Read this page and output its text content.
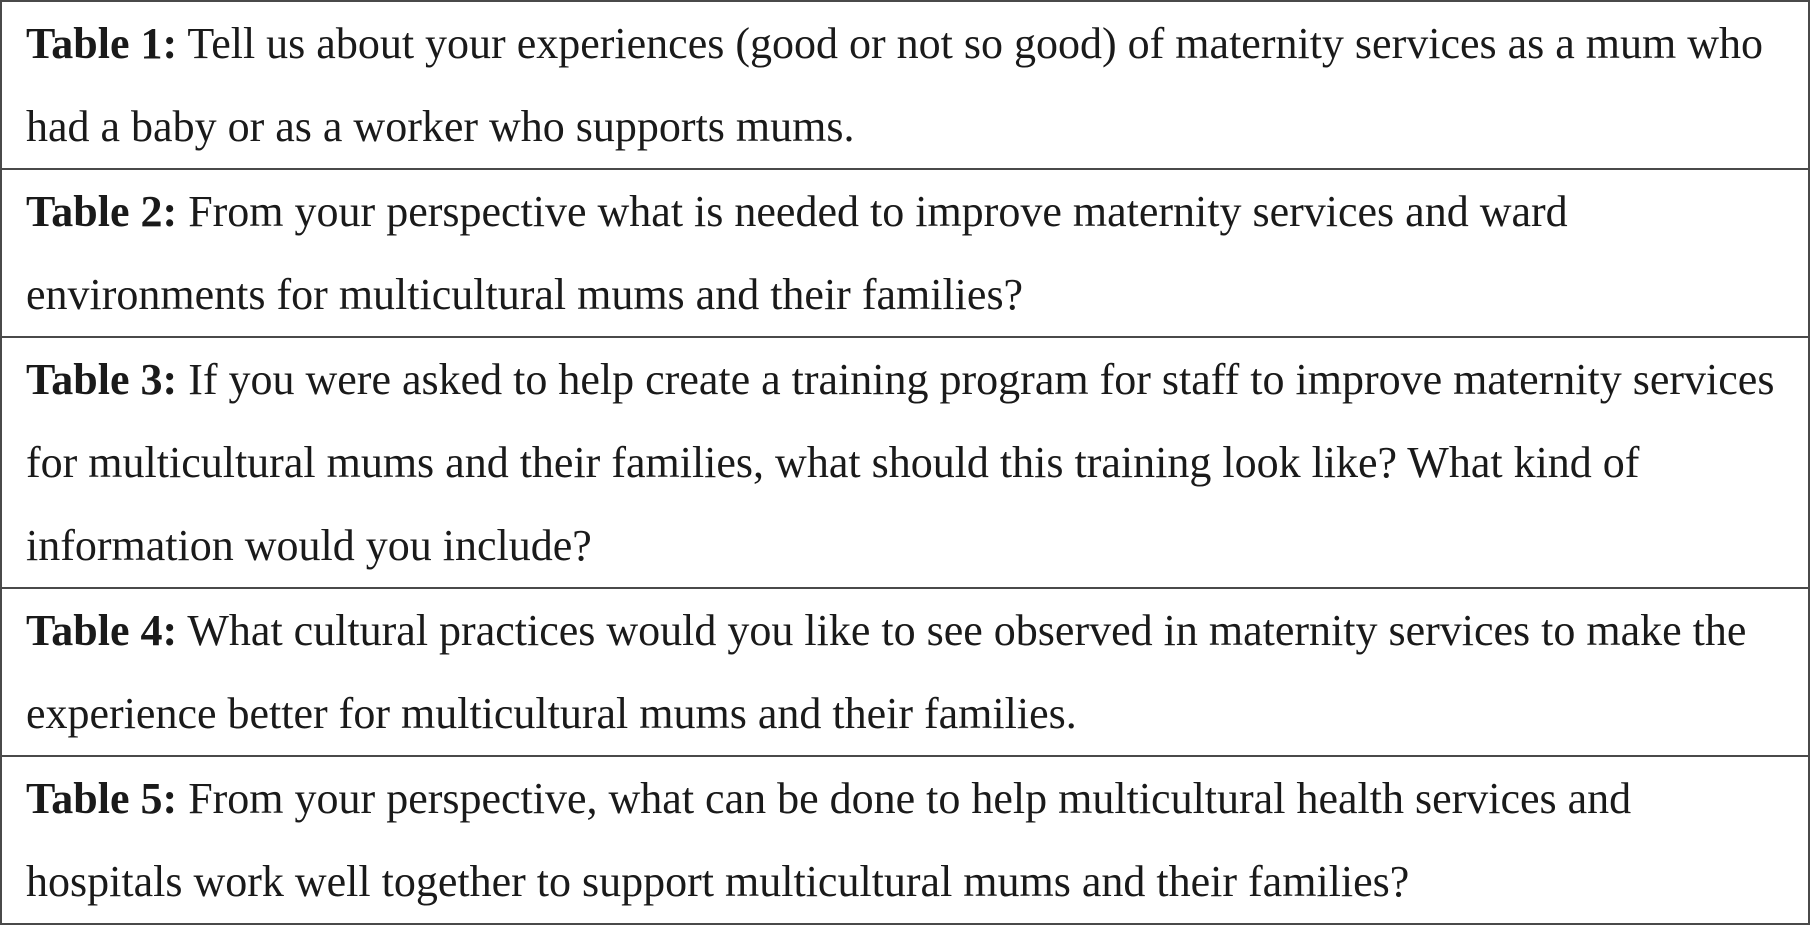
Table 1: Tell us about your experiences (good or not so good) of maternity services as a mum who had a baby or as a worker who supports mums.
Table 2: From your perspective what is needed to improve maternity services and ward environments for multicultural mums and their families?
Table 3: If you were asked to help create a training program for staff to improve maternity services for multicultural mums and their families, what should this training look like? What kind of information would you include?
Table 4: What cultural practices would you like to see observed in maternity services to make the experience better for multicultural mums and their families.
Table 5: From your perspective, what can be done to help multicultural health services and hospitals work well together to support multicultural mums and their families?
